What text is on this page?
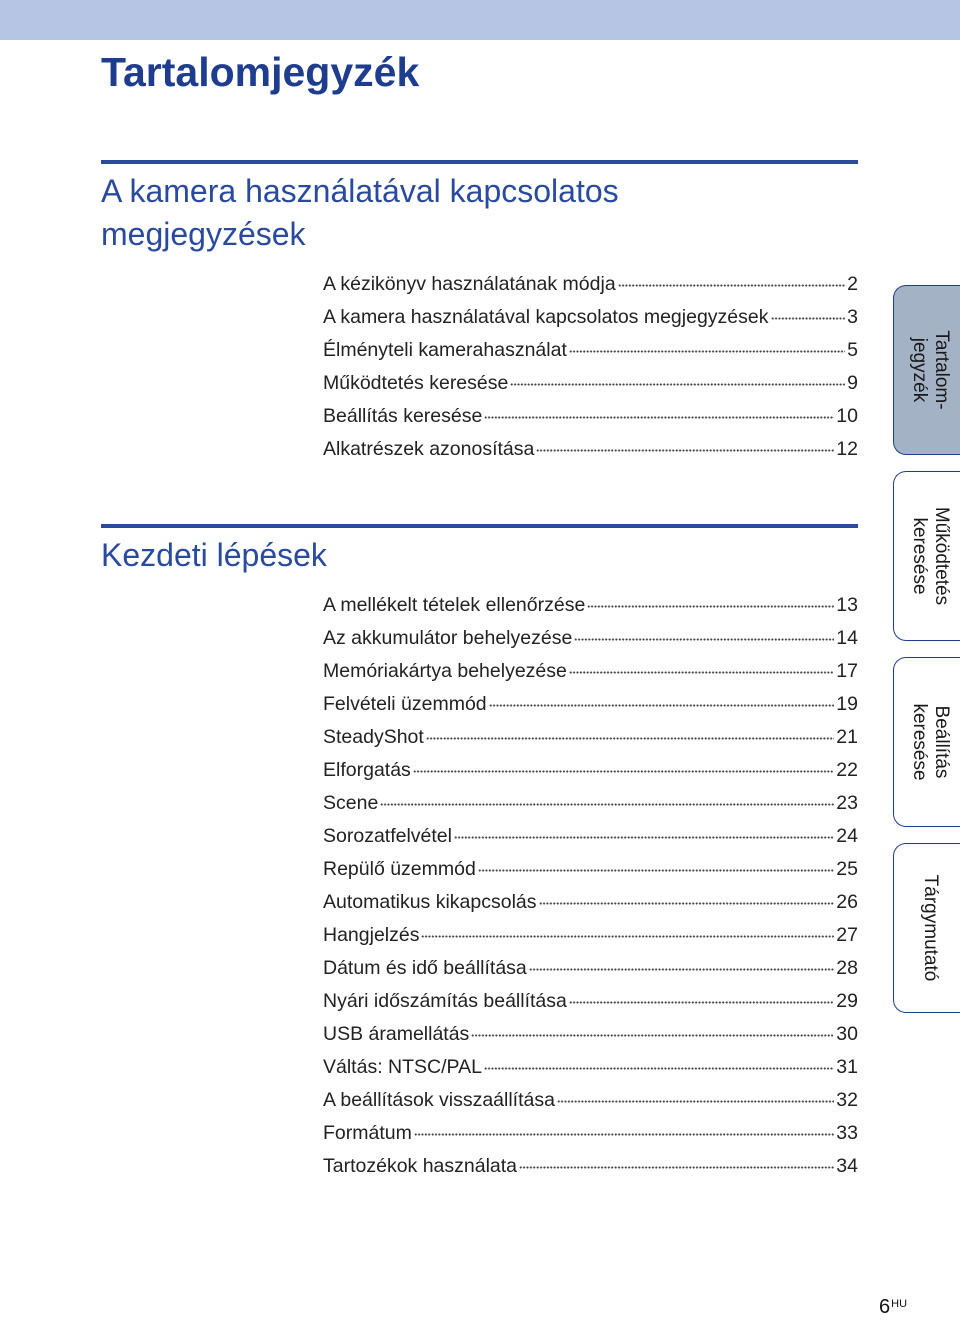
Tartalomjegyzék
A kamera használatával kapcsolatos megjegyzések
A kézikönyv használatának módja	2
A kamera használatával kapcsolatos megjegyzések	3
Élményteli kamerahasználat	5
Működtetés keresése	9
Beállítás keresése	10
Alkatrészek azonosítása	12
Kezdeti lépések
A mellékelt tételek ellenőrzése	13
Az akkumulátor behelyezése	14
Memóriakártya behelyezése	17
Felvételi üzemmód	19
SteadyShot	21
Elforgatás	22
Scene	23
Sorozatfelvétel	24
Repülő üzemmód	25
Automatikus kikapcsolás	26
Hangjelzés	27
Dátum és idő beállítása	28
Nyári időszámítás beállítása	29
USB áramellátás	30
Váltás: NTSC/PAL	31
A beállítások visszaállítása	32
Formátum	33
Tartozékok használata	34
Tartalom-
jegyzék
Működtetés
keresése
Beállítás
keresése
Tárgymutató
$6^{HU}$
